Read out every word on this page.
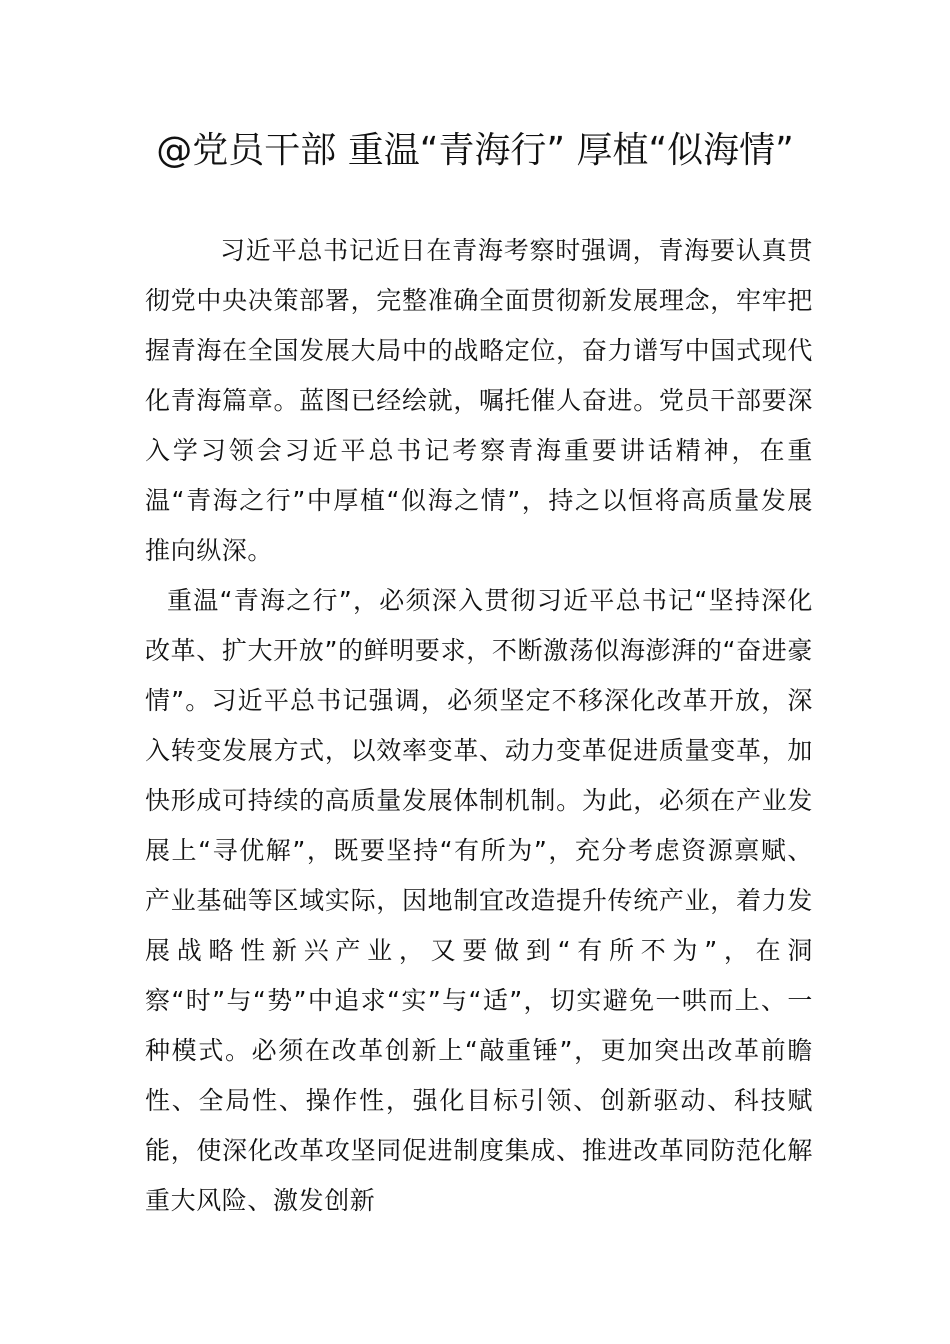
@党员干部 重温“青海行” 厚植“似海情”

习近平总书记近日在青海考察时强调，青海要认真贯彻党中央决策部署，完整准确全面贯彻新发展理念，牢牢把握青海在全国发展大局中的战略定位，奋力谱写中国式现代化青海篇章。蓝图已经绘就，嘱托催人奋进。党员干部要深入学习领会习近平总书记考察青海重要讲话精神，在重温“青海之行”中厚植“似海之情”，持之以恒将高质量发展推向纵深。

重温“青海之行”，必须深入贯彻习近平总书记“坚持深化改革、扩大开放”的鲜明要求，不断激荡似海澎湃的“奋进豪情”。习近平总书记强调，必须坚定不移深化改革开放，深入转变发展方式，以效率变革、动力变革促进质量变革，加快形成可持续的高质量发展体制机制。为此，必须在产业发展上“寻优解”，既要坚持“有所为”，充分考虑资源禀赋、产业基础等区域实际，因地制宜改造提升传统产业，着力发展战略性新兴产业，又要做到“有所不为”，在洞察“时”与“势”中追求“实”与“适”，切实避免一哄而上、一种模式。必须在改革创新上“敲重锤”，更加突出改革前瞻性、全局性、操作性，强化目标引领、创新驱动、科技赋能，使深化改革攻坚同促进制度集成、推进改革同防范化解重大风险、激发创新
